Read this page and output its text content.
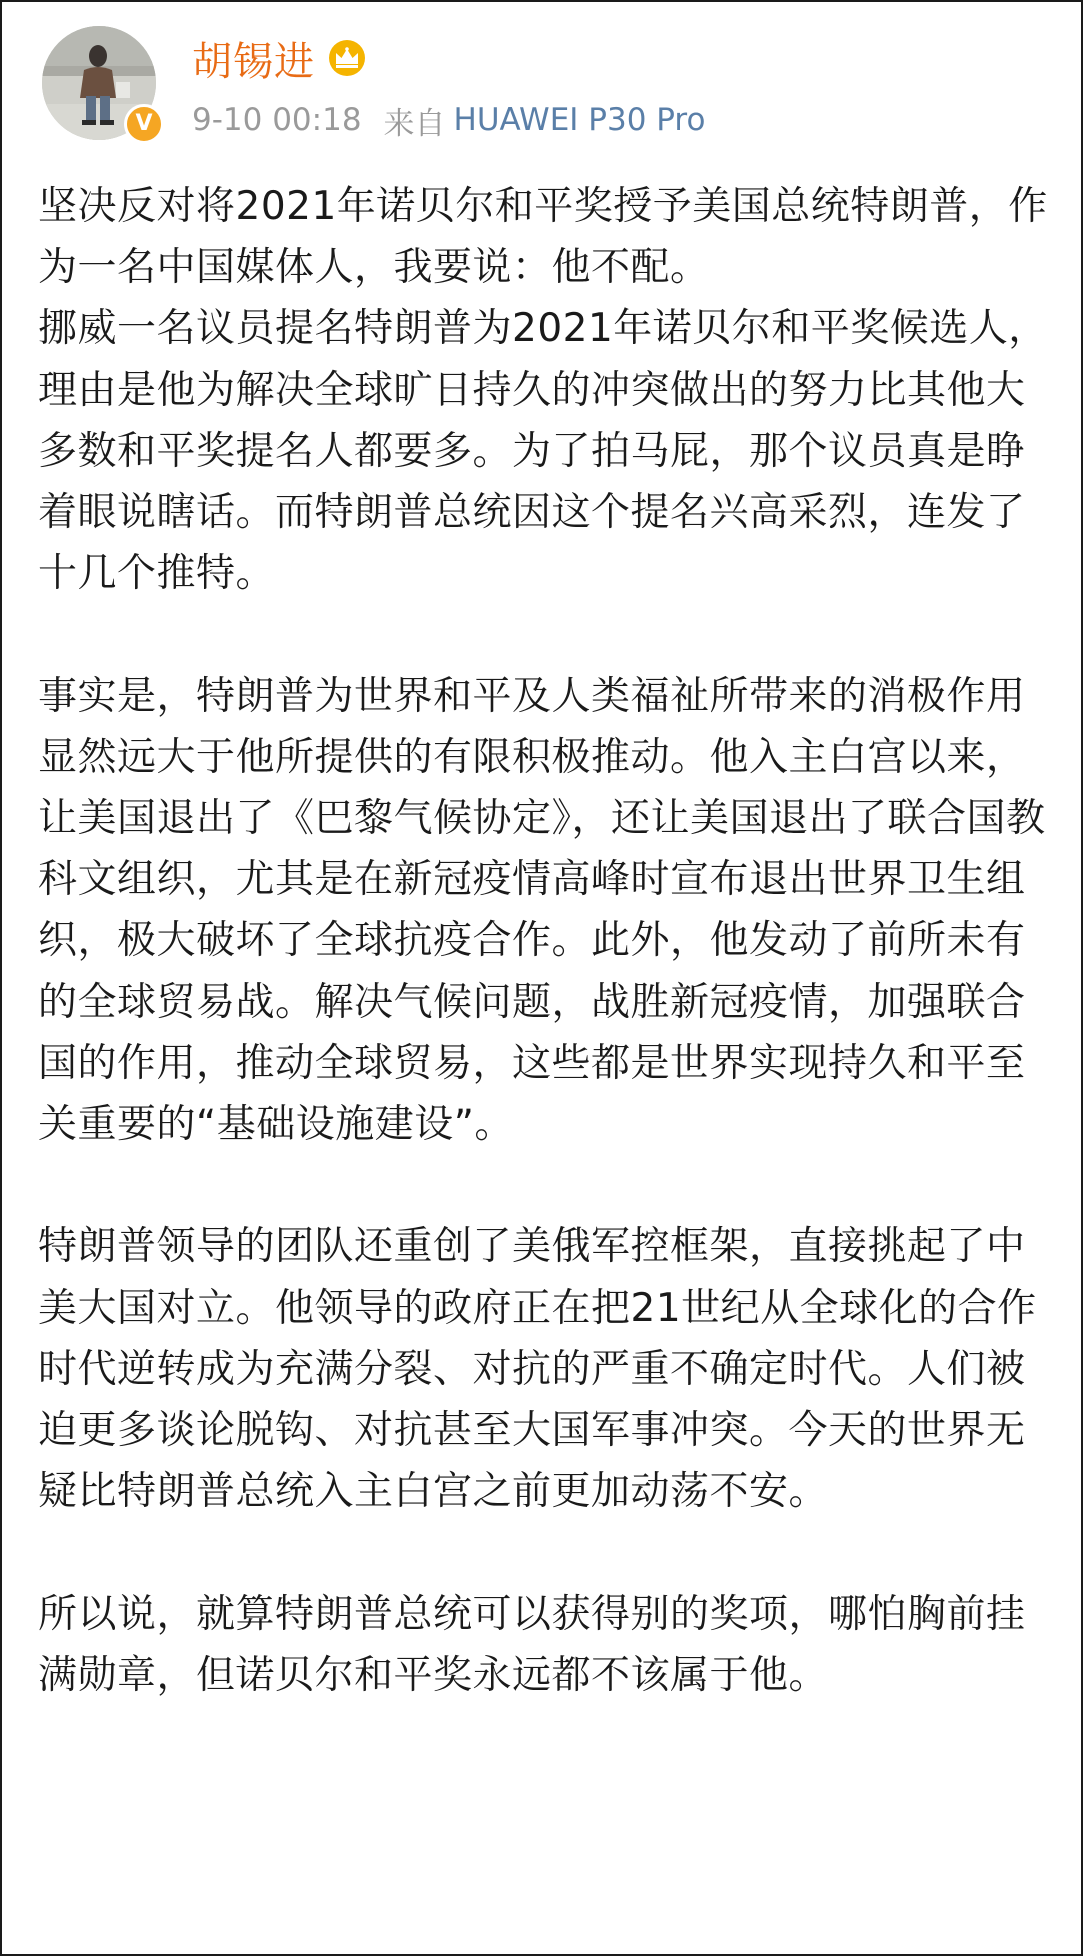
V
胡锡进
9-10 00:18 来自 HUAWEI P30 Pro

坚决反对将2021年诺贝尔和平奖授予美国总统特朗普，作为一名中国媒体人，我要说：他不配。

挪威一名议员提名特朗普为2021年诺贝尔和平奖候选人，理由是他为解决全球旷日持久的冲突做出的努力比其他大多数和平奖提名人都要多。为了拍马屁，那个议员真是睁着眼说瞎话。而特朗普总统因这个提名兴高采烈，连发了十几个推特。

事实是，特朗普为世界和平及人类福祉所带来的消极作用显然远大于他所提供的有限积极推动。他入主白宫以来，让美国退出了《巴黎气候协定》，还让美国退出了联合国教科文组织，尤其是在新冠疫情高峰时宣布退出世界卫生组织，极大破坏了全球抗疫合作。此外，他发动了前所未有的全球贸易战。解决气候问题，战胜新冠疫情，加强联合国的作用，推动全球贸易，这些都是世界实现持久和平至关重要的“基础设施建设”。

特朗普领导的团队还重创了美俄军控框架，直接挑起了中美大国对立。他领导的政府正在把21世纪从全球化的合作时代逆转成为充满分裂、对抗的严重不确定时代。人们被迫更多谈论脱钩、对抗甚至大国军事冲突。今天的世界无疑比特朗普总统入主白宫之前更加动荡不安。

所以说，就算特朗普总统可以获得别的奖项，哪怕胸前挂满勋章，但诺贝尔和平奖永远都不该属于他。
